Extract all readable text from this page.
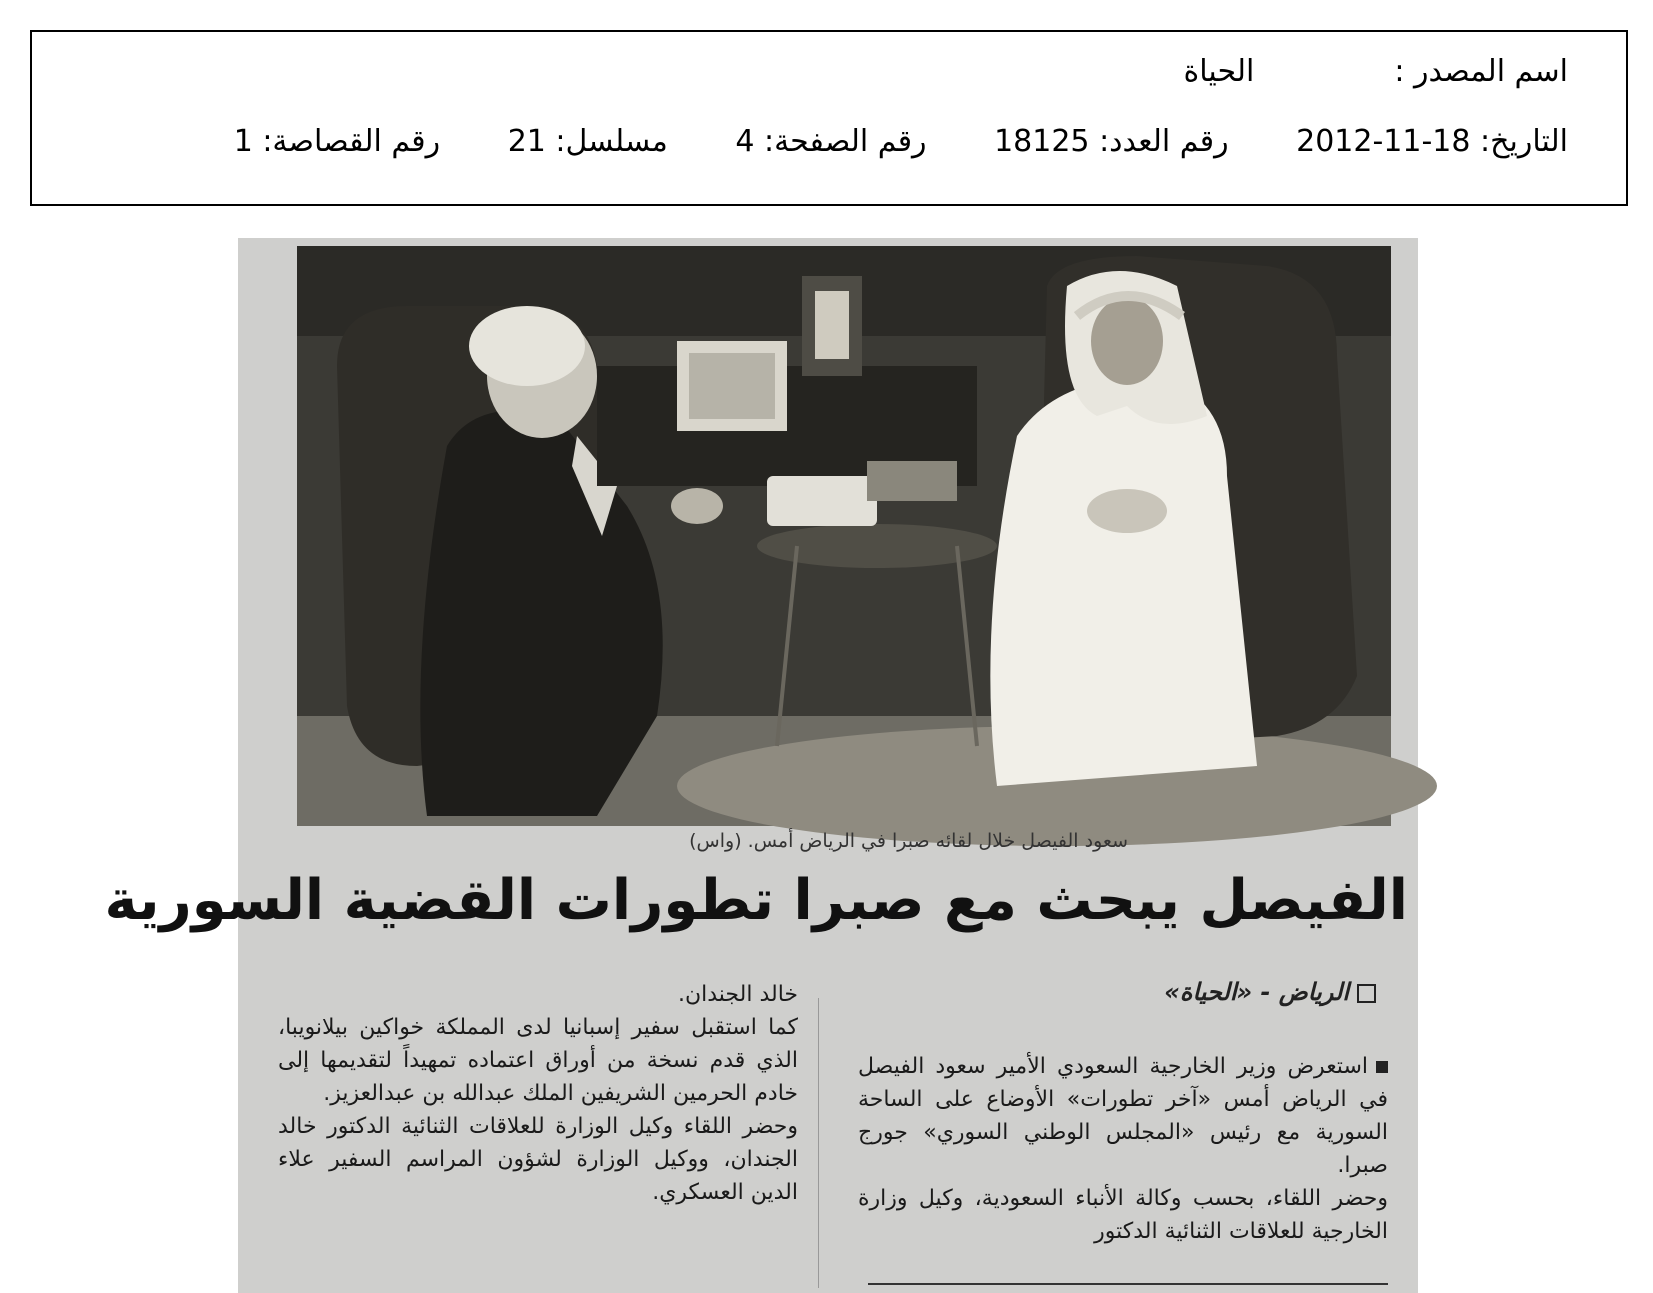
اسم المصدر :الحياة
التاريخ: 2012-11-18 رقم العدد: 18125 رقم الصفحة: 4 مسلسل: 21 رقم القصاصة: 1
سعود الفيصل خلال لقائه صبرا في الرياض أمس. (واس)
الفيصل يبحث مع صبرا تطورات القضية السورية
الرياض - «الحياة»

استعرض وزير الخارجية السعودي الأمير سعود الفيصل في الرياض أمس «آخر تطورات» الأوضاع على الساحة السورية مع رئيس «المجلس الوطني السوري» جورج صبرا.

وحضر اللقاء، بحسب وكالة الأنباء السعودية، وكيل وزارة الخارجية للعلاقات الثنائية الدكتور

خالد الجندان.

كما استقبل سفير إسبانيا لدى المملكة خواكين بيلانويبا، الذي قدم نسخة من أوراق اعتماده تمهيداً لتقديمها إلى خادم الحرمين الشريفين الملك عبدالله بن عبدالعزيز.

وحضر اللقاء وكيل الوزارة للعلاقات الثنائية الدكتور خالد الجندان، ووكيل الوزارة لشؤون المراسم السفير علاء الدين العسكري.
